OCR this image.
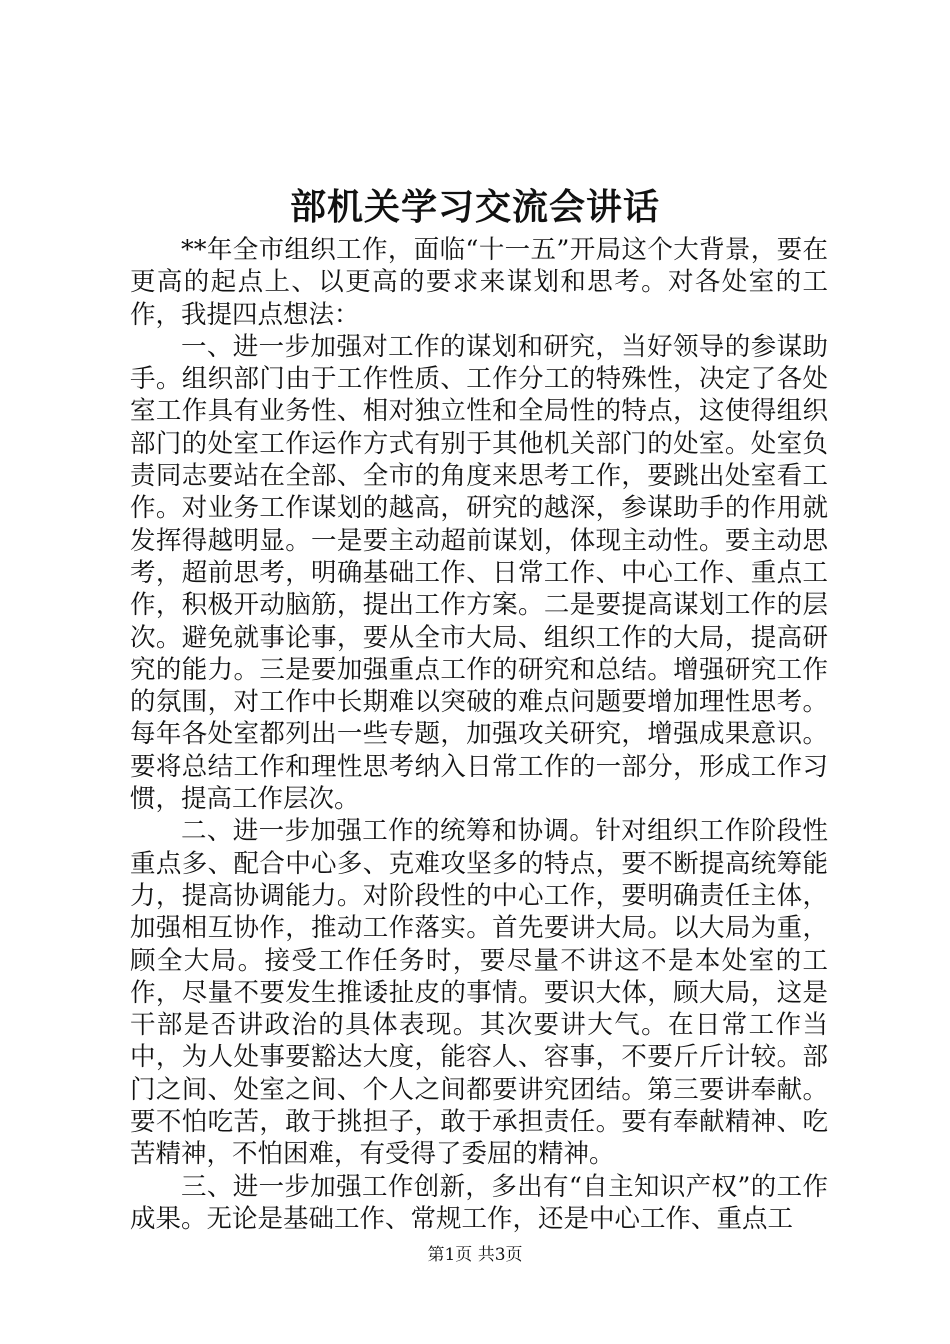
部机关学习交流会讲话

**年全市组织工作，面临“十一五”开局这个大背景，要在更高的起点上、以更高的要求来谋划和思考。对各处室的工作，我提四点想法：

一、进一步加强对工作的谋划和研究，当好领导的参谋助手。组织部门由于工作性质、工作分工的特殊性，决定了各处室工作具有业务性、相对独立性和全局性的特点，这使得组织部门的处室工作运作方式有别于其他机关部门的处室。处室负责同志要站在全部、全市的角度来思考工作，要跳出处室看工作。对业务工作谋划的越高，研究的越深，参谋助手的作用就发挥得越明显。一是要主动超前谋划，体现主动性。要主动思考，超前思考，明确基础工作、日常工作、中心工作、重点工作，积极开动脑筋，提出工作方案。二是要提高谋划工作的层次。避免就事论事，要从全市大局、组织工作的大局，提高研究的能力。三是要加强重点工作的研究和总结。增强研究工作的氛围，对工作中长期难以突破的难点问题要增加理性思考。每年各处室都列出一些专题，加强攻关研究，增强成果意识。要将总结工作和理性思考纳入日常工作的一部分，形成工作习惯，提高工作层次。

二、进一步加强工作的统筹和协调。针对组织工作阶段性重点多、配合中心多、克难攻坚多的特点，要不断提高统筹能力，提高协调能力。对阶段性的中心工作，要明确责任主体，加强相互协作，推动工作落实。首先要讲大局。以大局为重，顾全大局。接受工作任务时，要尽量不讲这不是本处室的工作，尽量不要发生推诿扯皮的事情。要识大体，顾大局，这是干部是否讲政治的具体表现。其次要讲大气。在日常工作当中，为人处事要豁达大度，能容人、容事，不要斤斤计较。部门之间、处室之间、个人之间都要讲究团结。第三要讲奉献。要不怕吃苦，敢于挑担子，敢于承担责任。要有奉献精神、吃苦精神，不怕困难，有受得了委屈的精神。

三、进一步加强工作创新，多出有“自主知识产权”的工作成果。无论是基础工作、常规工作，还是中心工作、重点工

第1页 共3页
